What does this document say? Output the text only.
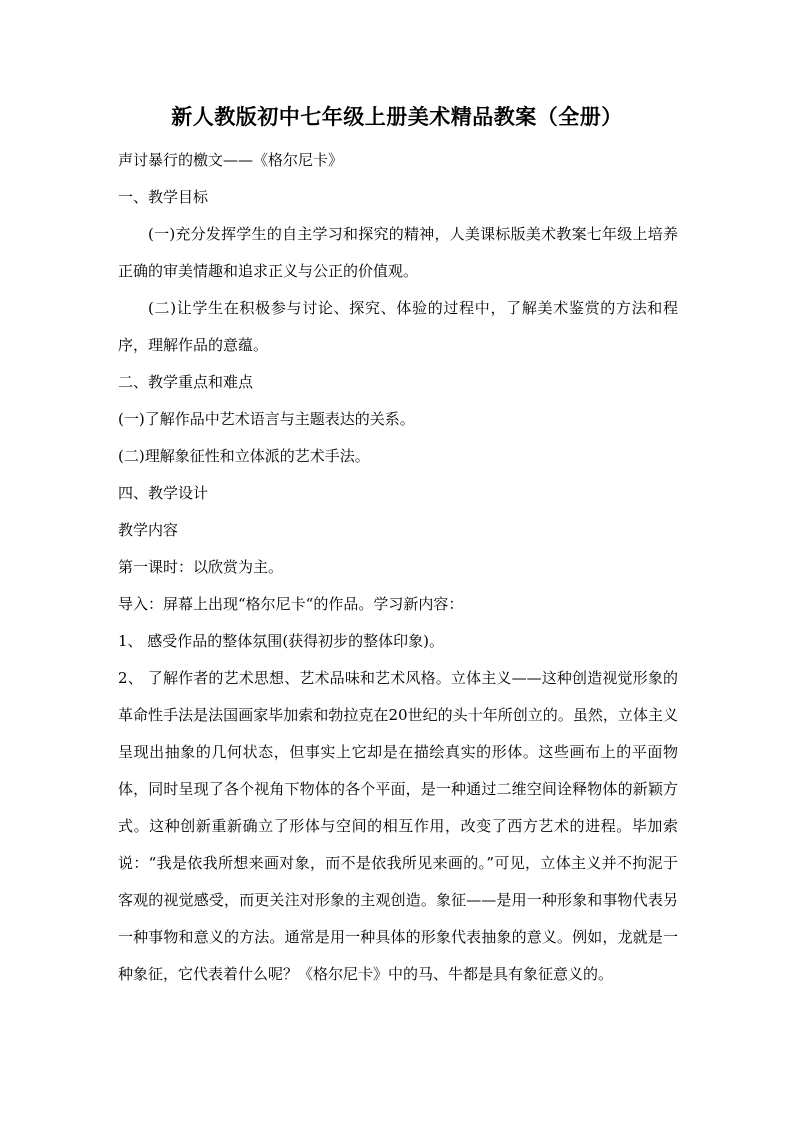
新人教版初中七年级上册美术精品教案（全册）

声讨暴行的檄文——《格尔尼卡》

一、教学目标

(一)充分发挥学生的自主学习和探究的精神，人美课标版美术教案七年级上培养正确的审美情趣和追求正义与公正的价值观。

(二)让学生在积极参与讨论、探究、体验的过程中，了解美术鉴赏的方法和程序，理解作品的意蕴。

二、教学重点和难点

(一)了解作品中艺术语言与主题表达的关系。

(二)理解象征性和立体派的艺术手法。

四、教学设计

教学内容

第一课时：以欣赏为主。

导入：屏幕上出现“格尔尼卡“的作品。学习新内容：

1、 感受作品的整体氛围(获得初步的整体印象)。

2、 了解作者的艺术思想、艺术品味和艺术风格。立体主义——这种创造视觉形象的革命性手法是法国画家毕加索和勃拉克在20世纪的头十年所创立的。虽然，立体主义呈现出抽象的几何状态，但事实上它却是在描绘真实的形体。这些画布上的平面物体，同时呈现了各个视角下物体的各个平面，是一种通过二维空间诠释物体的新颖方式。这种创新重新确立了形体与空间的相互作用，改变了西方艺术的进程。毕加索说：“我是依我所想来画对象，而不是依我所见来画的。”可见，立体主义并不拘泥于客观的视觉感受，而更关注对形象的主观创造。象征——是用一种形象和事物代表另一种事物和意义的方法。通常是用一种具体的形象代表抽象的意义。例如，龙就是一种象征，它代表着什么呢？《格尔尼卡》中的马、牛都是具有象征意义的。
